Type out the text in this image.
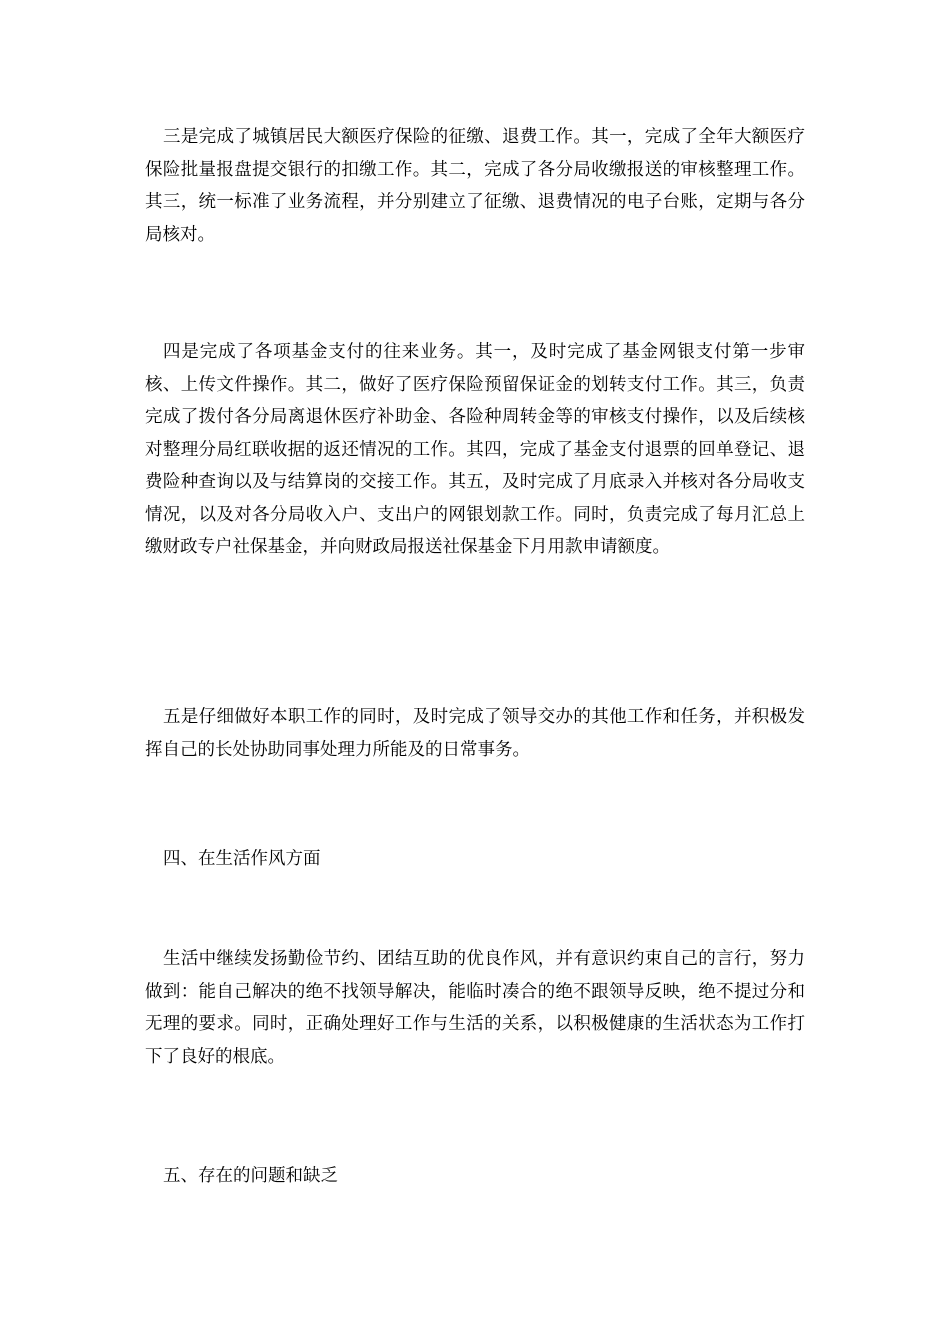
三是完成了城镇居民大额医疗保险的征缴、退费工作。其一，完成了全年大额医疗保险批量报盘提交银行的扣缴工作。其二，完成了各分局收缴报送的审核整理工作。其三，统一标准了业务流程，并分别建立了征缴、退费情况的电子台账，定期与各分局核对。

四是完成了各项基金支付的往来业务。其一，及时完成了基金网银支付第一步审核、上传文件操作。其二，做好了医疗保险预留保证金的划转支付工作。其三，负责完成了拨付各分局离退休医疗补助金、各险种周转金等的审核支付操作，以及后续核对整理分局红联收据的返还情况的工作。其四，完成了基金支付退票的回单登记、退费险种查询以及与结算岗的交接工作。其五，及时完成了月底录入并核对各分局收支情况，以及对各分局收入户、支出户的网银划款工作。同时，负责完成了每月汇总上缴财政专户社保基金，并向财政局报送社保基金下月用款申请额度。

五是仔细做好本职工作的同时，及时完成了领导交办的其他工作和任务，并积极发挥自己的长处协助同事处理力所能及的日常事务。

四、在生活作风方面

生活中继续发扬勤俭节约、团结互助的优良作风，并有意识约束自己的言行，努力做到：能自己解决的绝不找领导解决，能临时凑合的绝不跟领导反映，绝不提过分和无理的要求。同时，正确处理好工作与生活的关系，以积极健康的生活状态为工作打下了良好的根底。

五、存在的问题和缺乏
